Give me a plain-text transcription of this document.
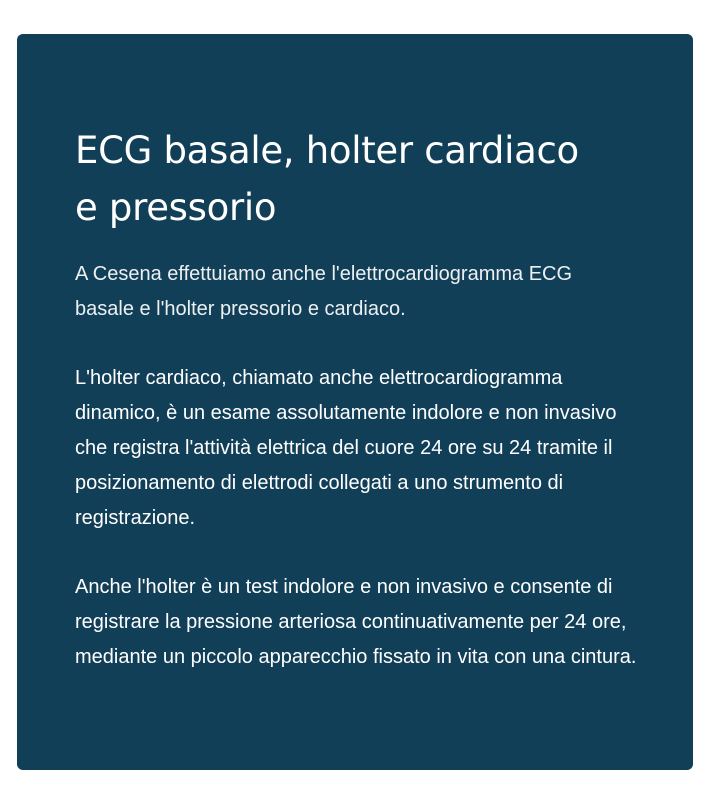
ECG basale, holter cardiaco e pressorio

A Cesena effettuiamo anche l'elettrocardiogramma ECG basale e l'holter pressorio e cardiaco.

L'holter cardiaco, chiamato anche elettrocardiogramma dinamico, è un esame assolutamente indolore e non invasivo che registra l'attività elettrica del cuore 24 ore su 24 tramite il posizionamento di elettrodi collegati a uno strumento di registrazione.

Anche l'holter è un test indolore e non invasivo e consente di registrare la pressione arteriosa continuativamente per 24 ore, mediante un piccolo apparecchio fissato in vita con una cintura.
